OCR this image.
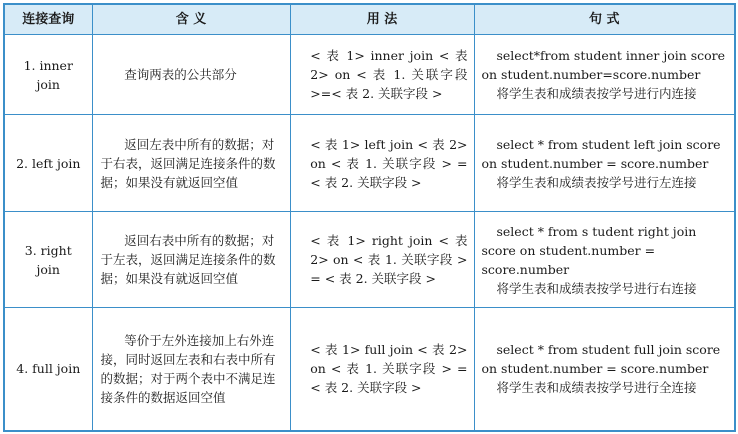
连接查询	含 义	用 法	句 式
1. inner join	查询两表的公共部分	< 表 1> inner join < 表 2> on < 表 1. 关联字段 >=< 表 2. 关联字段 >	select*from student inner join score on student.number=score.number
将学生表和成绩表按学号进行内连接

2. left join	返回左表中所有的数据；对于右表，返回满足连接条件的数据；如果没有就返回空值	< 表 1> left join < 表 2> on < 表 1. 关联字段 > = < 表 2. 关联字段 >	select * from student left join score on student.number = score.number
将学生表和成绩表按学号进行左连接

3. right join	返回右表中所有的数据；对于左表，返回满足连接条件的数据；如果没有就返回空值	< 表 1> right join < 表 2> on < 表 1. 关联字段 > = < 表 2. 关联字段 >	select * from s tudent right join score on student.number = score.number
将学生表和成绩表按学号进行右连接

4. full join	等价于左外连接加上右外连接，同时返回左表和右表中所有的数据；对于两个表中不满足连接条件的数据返回空值	< 表 1> full join < 表 2> on < 表 1. 关联字段 > = < 表 2. 关联字段 >	select * from student full join score on student.number = score.number
将学生表和成绩表按学号进行全连接
